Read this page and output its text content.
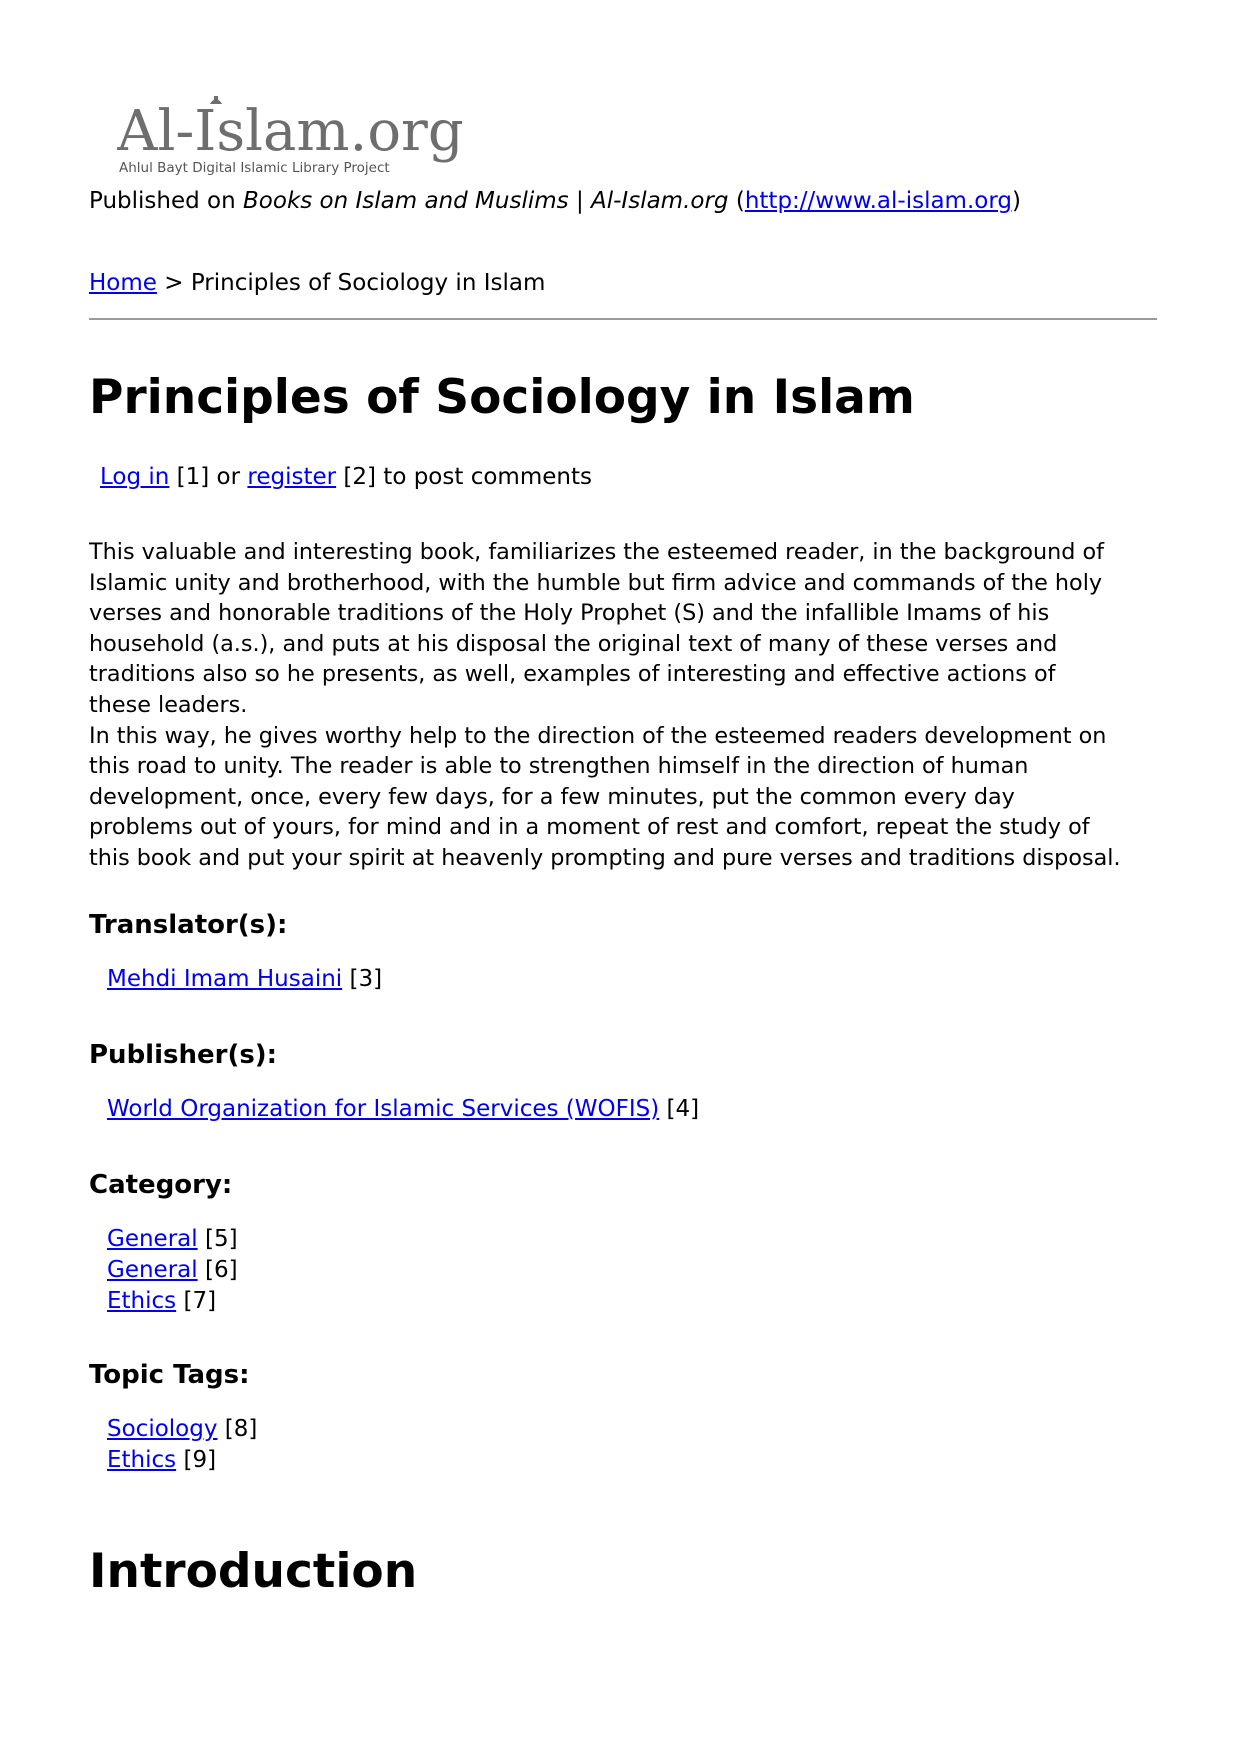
Al-Islam.org
Ahlul Bayt Digital Islamic Library Project
Published on Books on Islam and Muslims | Al-Islam.org (http://www.al-islam.org)
Home > Principles of Sociology in Islam
Principles of Sociology in Islam
Log in [1] or register [2] to post comments

This valuable and interesting book, familiarizes the esteemed reader, in the background of

Islamic unity and brotherhood, with the humble but firm advice and commands of the holy

verses and honorable traditions of the Holy Prophet (S) and the infallible Imams of his

household (a.s.), and puts at his disposal the original text of many of these verses and

traditions also so he presents, as well, examples of interesting and effective actions of

these leaders.

In this way, he gives worthy help to the direction of the esteemed readers development on

this road to unity. The reader is able to strengthen himself in the direction of human

development, once, every few days, for a few minutes, put the common every day

problems out of yours, for mind and in a moment of rest and comfort, repeat the study of

this book and put your spirit at heavenly prompting and pure verses and traditions disposal.

Translator(s):
Mehdi Imam Husaini [3]
Publisher(s):
World Organization for Islamic Services (WOFIS) [4]
Category:
General [5]
General [6]
Ethics [7]
Topic Tags:
Sociology [8]
Ethics [9]
Introduction
